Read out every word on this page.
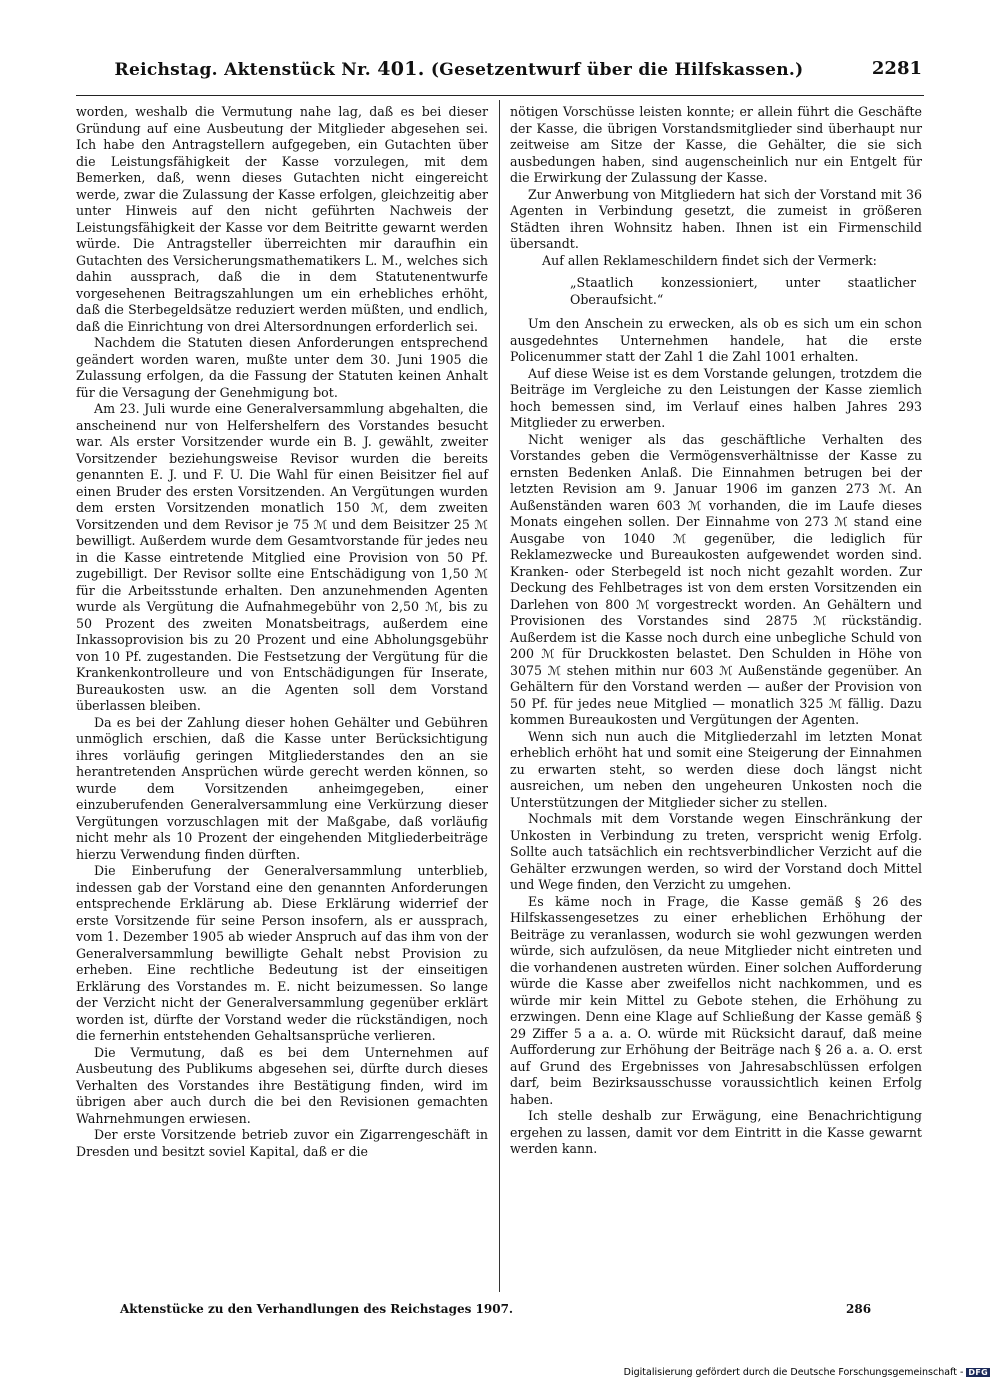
Reichstag. Aktenstück Nr. 401. (Gesetzentwurf über die Hilfskassen.)	2281

worden, weshalb die Vermutung nahe lag, daß es bei dieser Gründung auf eine Ausbeutung der Mitglieder abgesehen sei. Ich habe den Antragstellern aufgegeben, ein Gutachten über die Leistungsfähigkeit der Kasse vorzulegen, mit dem Bemerken, daß, wenn dieses Gutachten nicht eingereicht werde, zwar die Zulassung der Kasse erfolgen, gleichzeitig aber unter Hinweis auf den nicht geführten Nachweis der Leistungsfähigkeit der Kasse vor dem Beitritte gewarnt werden würde. Die Antragsteller überreichten mir daraufhin ein Gutachten des Versicherungsmathematikers L. M., welches sich dahin aussprach, daß die in dem Statutenentwurfe vorgesehenen Beitragszahlungen um ein erhebliches erhöht, daß die Sterbegeldsätze reduziert werden müßten, und endlich, daß die Einrichtung von drei Altersordnungen erforderlich sei.

Nachdem die Statuten diesen Anforderungen entsprechend geändert worden waren, mußte unter dem 30. Juni 1905 die Zulassung erfolgen, da die Fassung der Statuten keinen Anhalt für die Versagung der Genehmigung bot.

Am 23. Juli wurde eine Generalversammlung abgehalten, die anscheinend nur von Helfershelfern des Vorstandes besucht war. Als erster Vorsitzender wurde ein B. J. gewählt, zweiter Vorsitzender beziehungsweise Revisor wurden die bereits genannten E. J. und F. U. Die Wahl für einen Beisitzer fiel auf einen Bruder des ersten Vorsitzenden. An Vergütungen wurden dem ersten Vorsitzenden monatlich 150 ℳ, dem zweiten Vorsitzenden und dem Revisor je 75 ℳ und dem Beisitzer 25 ℳ bewilligt. Außerdem wurde dem Gesamtvorstande für jedes neu in die Kasse eintretende Mitglied eine Provision von 50 Pf. zugebilligt. Der Revisor sollte eine Entschädigung von 1,50 ℳ für die Arbeitsstunde erhalten. Den anzunehmenden Agenten wurde als Vergütung die Aufnahmegebühr von 2,50 ℳ, bis zu 50 Prozent des zweiten Monatsbeitrags, außerdem eine Inkassoprovision bis zu 20 Prozent und eine Abholungsgebühr von 10 Pf. zugestanden. Die Festsetzung der Vergütung für die Krankenkontrolleure und von Entschädigungen für Inserate, Bureaukosten usw. an die Agenten soll dem Vorstand überlassen bleiben.

Da es bei der Zahlung dieser hohen Gehälter und Gebühren unmöglich erschien, daß die Kasse unter Berücksichtigung ihres vorläufig geringen Mitgliederstandes den an sie herantretenden Ansprüchen würde gerecht werden können, so wurde dem Vorsitzenden anheimgegeben, einer einzuberufenden Generalversammlung eine Verkürzung dieser Vergütungen vorzuschlagen mit der Maßgabe, daß vorläufig nicht mehr als 10 Prozent der eingehenden Mitgliederbeiträge hierzu Verwendung finden dürften.

Die Einberufung der Generalversammlung unterblieb, indessen gab der Vorstand eine den genannten Anforderungen entsprechende Erklärung ab. Diese Erklärung widerrief der erste Vorsitzende für seine Person insofern, als er aussprach, vom 1. Dezember 1905 ab wieder Anspruch auf das ihm von der Generalversammlung bewilligte Gehalt nebst Provision zu erheben. Eine rechtliche Bedeutung ist der einseitigen Erklärung des Vorstandes m. E. nicht beizumessen. So lange der Verzicht nicht der Generalversammlung gegenüber erklärt worden ist, dürfte der Vorstand weder die rückständigen, noch die fernerhin entstehenden Gehaltsansprüche verlieren.

Die Vermutung, daß es bei dem Unternehmen auf Ausbeutung des Publikums abgesehen sei, dürfte durch dieses Verhalten des Vorstandes ihre Bestätigung finden, wird im übrigen aber auch durch die bei den Revisionen gemachten Wahrnehmungen erwiesen.

Der erste Vorsitzende betrieb zuvor ein Zigarrengeschäft in Dresden und besitzt soviel Kapital, daß er die

nötigen Vorschüsse leisten konnte; er allein führt die Geschäfte der Kasse, die übrigen Vorstandsmitglieder sind überhaupt nur zeitweise am Sitze der Kasse, die Gehälter, die sie sich ausbedungen haben, sind augenscheinlich nur ein Entgelt für die Erwirkung der Zulassung der Kasse.

Zur Anwerbung von Mitgliedern hat sich der Vorstand mit 36 Agenten in Verbindung gesetzt, die zumeist in größeren Städten ihren Wohnsitz haben. Ihnen ist ein Firmenschild übersandt.

Auf allen Reklameschildern findet sich der Vermerk:

„Staatlich konzessioniert, unter staatlicher Oberaufsicht.“

Um den Anschein zu erwecken, als ob es sich um ein schon ausgedehntes Unternehmen handele, hat die erste Policenummer statt der Zahl 1 die Zahl 1001 erhalten.

Auf diese Weise ist es dem Vorstande gelungen, trotzdem die Beiträge im Vergleiche zu den Leistungen der Kasse ziemlich hoch bemessen sind, im Verlauf eines halben Jahres 293 Mitglieder zu erwerben.

Nicht weniger als das geschäftliche Verhalten des Vorstandes geben die Vermögensverhältnisse der Kasse zu ernsten Bedenken Anlaß. Die Einnahmen betrugen bei der letzten Revision am 9. Januar 1906 im ganzen 273 ℳ. An Außenständen waren 603 ℳ vorhanden, die im Laufe dieses Monats eingehen sollen. Der Einnahme von 273 ℳ stand eine Ausgabe von 1040 ℳ gegenüber, die lediglich für Reklamezwecke und Bureaukosten aufgewendet worden sind. Kranken- oder Sterbegeld ist noch nicht gezahlt worden. Zur Deckung des Fehlbetrages ist von dem ersten Vorsitzenden ein Darlehen von 800 ℳ vorgestreckt worden. An Gehältern und Provisionen des Vorstandes sind 2875 ℳ rückständig. Außerdem ist die Kasse noch durch eine unbegliche Schuld von 200 ℳ für Druckkosten belastet. Den Schulden in Höhe von 3075 ℳ stehen mithin nur 603 ℳ Außenstände gegenüber. An Gehältern für den Vorstand werden — außer der Provision von 50 Pf. für jedes neue Mitglied — monatlich 325 ℳ fällig. Dazu kommen Bureaukosten und Vergütungen der Agenten.

Wenn sich nun auch die Mitgliederzahl im letzten Monat erheblich erhöht hat und somit eine Steigerung der Einnahmen zu erwarten steht, so werden diese doch längst nicht ausreichen, um neben den ungeheuren Unkosten noch die Unterstützungen der Mitglieder sicher zu stellen.

Nochmals mit dem Vorstande wegen Einschränkung der Unkosten in Verbindung zu treten, verspricht wenig Erfolg. Sollte auch tatsächlich ein rechtsverbindlicher Verzicht auf die Gehälter erzwungen werden, so wird der Vorstand doch Mittel und Wege finden, den Verzicht zu umgehen.

Es käme noch in Frage, die Kasse gemäß § 26 des Hilfskassengesetzes zu einer erheblichen Erhöhung der Beiträge zu veranlassen, wodurch sie wohl gezwungen werden würde, sich aufzulösen, da neue Mitglieder nicht eintreten und die vorhandenen austreten würden. Einer solchen Aufforderung würde die Kasse aber zweifellos nicht nachkommen, und es würde mir kein Mittel zu Gebote stehen, die Erhöhung zu erzwingen. Denn eine Klage auf Schließung der Kasse gemäß § 29 Ziffer 5 a a. a. O. würde mit Rücksicht darauf, daß meine Aufforderung zur Erhöhung der Beiträge nach § 26 a. a. O. erst auf Grund des Ergebnisses von Jahresabschlüssen erfolgen darf, beim Bezirksausschusse voraussichtlich keinen Erfolg haben.

Ich stelle deshalb zur Erwägung, eine Benachrichtigung ergehen zu lassen, damit vor dem Eintritt in die Kasse gewarnt werden kann.

Aktenstücke zu den Verhandlungen des Reichstages 1907.	286
Digitalisierung gefördert durch die Deutsche Forschungsgemeinschaft - DFG
